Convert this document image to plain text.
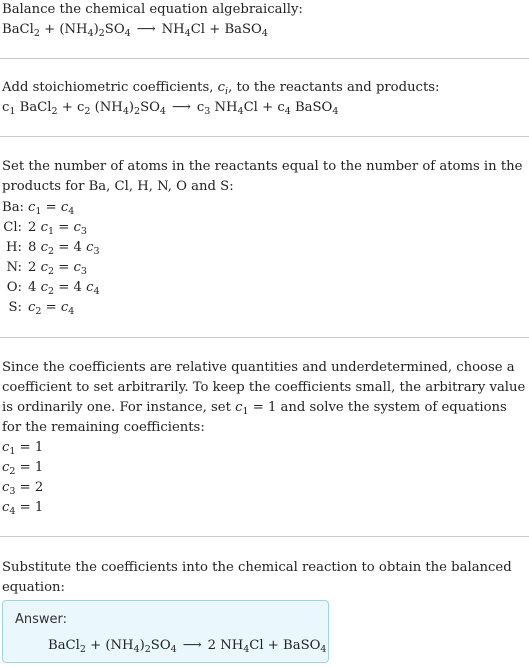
Balance the chemical equation algebraically:
BaCl$_2$ + $(NH_4)_2SO_4$ ⟶ $NH_4Cl$ + BaSO$_4$
Add stoichiometric coefficients, $c_i$, to the reactants and products:
$c_1$ BaCl$_2$ + $c_2$ $(NH_4)_2SO_4$ ⟶ $c_3$ $NH_4Cl + c_4$ BaSO$_4$
Set the number of atoms in the reactants equal to the number of atoms in the products for Ba, Cl, H, N, O and S:
Ba: $c_1 = c_4$
Cl: 2 $c_1 = c_3$
H: 8 $c_2 = 4$ $c_3$
N: 2 $c_2 = c_3$
O: 4 $c_2 = 4$ $c_4$
S: $c_2 = c_4$
Since the coefficients are relative quantities and underdetermined, choose a coefficient to set arbitrarily. To keep the coefficients small, the arbitrary value is ordinarily one. For instance, set $c_1 = 1$ and solve the system of equations for the remaining coefficients:
$c_1 = 1$
$c_2 = 1$
$c_3 = 2$
$c_4 = 1$
Substitute the coefficients into the chemical reaction to obtain the balanced equation:
Answer:
BaCl$_2$ + $(NH_4)_2SO_4$ ⟶ 2 $NH_4Cl$ + BaSO$_4$
